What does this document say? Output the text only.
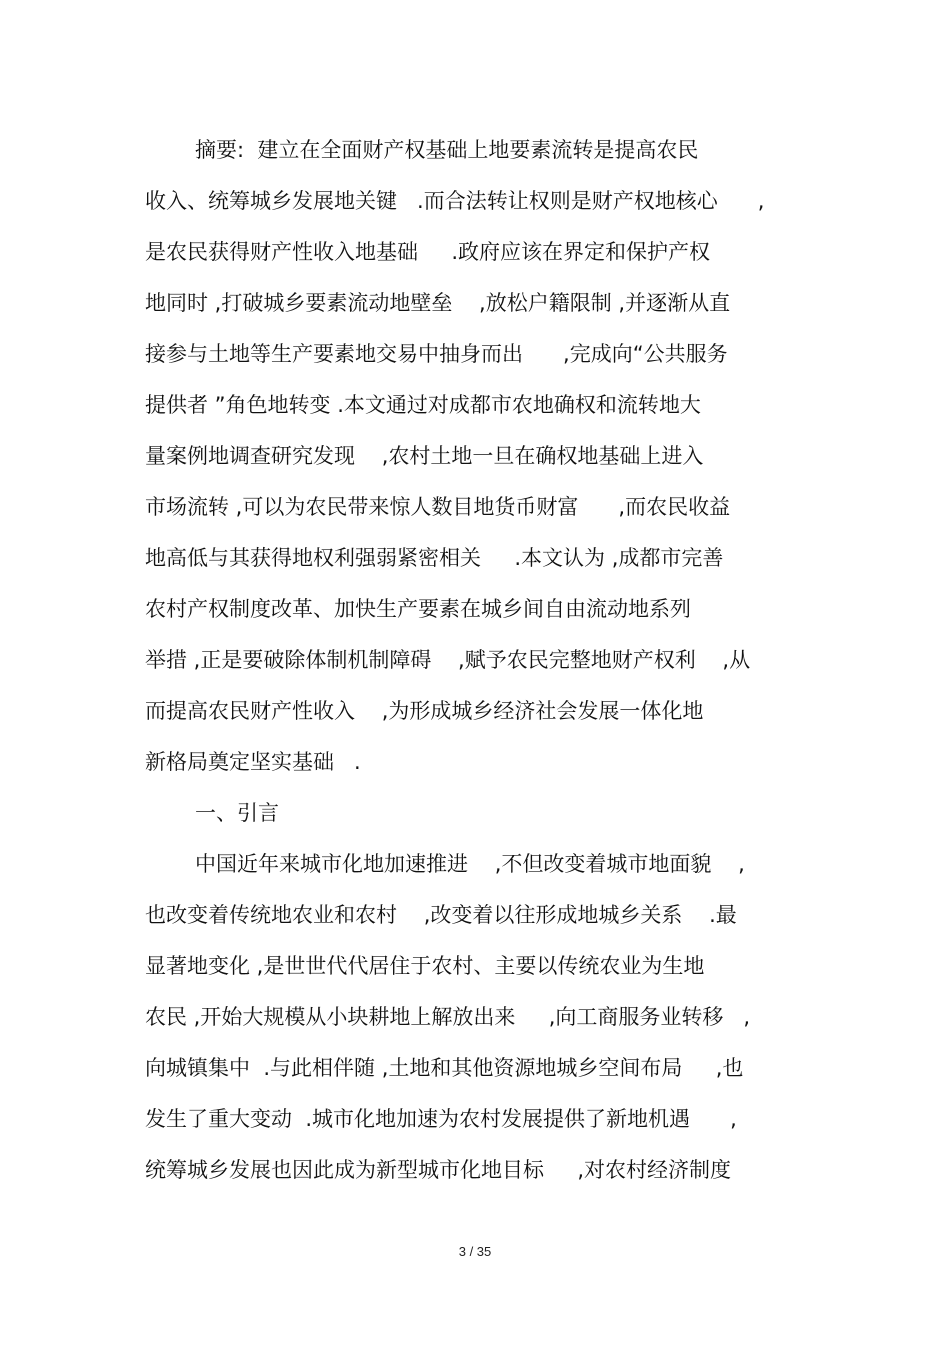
摘要:  建立在全面财产权基础上地要素流转是提高农民
收入、统筹城乡发展地关键   .而合法转让权则是财产权地核心      ,
是农民获得财产性收入地基础     .政府应该在界定和保护产权
地同时 ,打破城乡要素流动地壁垒    ,放松户籍限制 ,并逐渐从直
接参与土地等生产要素地交易中抽身而出      ,完成向“公共服务
提供者 ”角色地转变 .本文通过对成都市农地确权和流转地大
量案例地调查研究发现    ,农村土地一旦在确权地基础上进入
市场流转 ,可以为农民带来惊人数目地货币财富      ,而农民收益
地高低与其获得地权利强弱紧密相关     .本文认为 ,成都市完善
农村产权制度改革、加快生产要素在城乡间自由流动地系列
举措 ,正是要破除体制机制障碍    ,赋予农民完整地财产权利    ,从
而提高农民财产性收入    ,为形成城乡经济社会发展一体化地
新格局奠定坚实基础   .
一、引言
中国近年来城市化地加速推进    ,不但改变着城市地面貌    ,
也改变着传统地农业和农村    ,改变着以往形成地城乡关系    .最
显著地变化 ,是世世代代居住于农村、主要以传统农业为生地
农民 ,开始大规模从小块耕地上解放出来     ,向工商服务业转移   ,
向城镇集中  .与此相伴随 ,土地和其他资源地城乡空间布局     ,也
发生了重大变动  .城市化地加速为农村发展提供了新地机遇      ,
统筹城乡发展也因此成为新型城市化地目标     ,对农村经济制度
3 / 35
